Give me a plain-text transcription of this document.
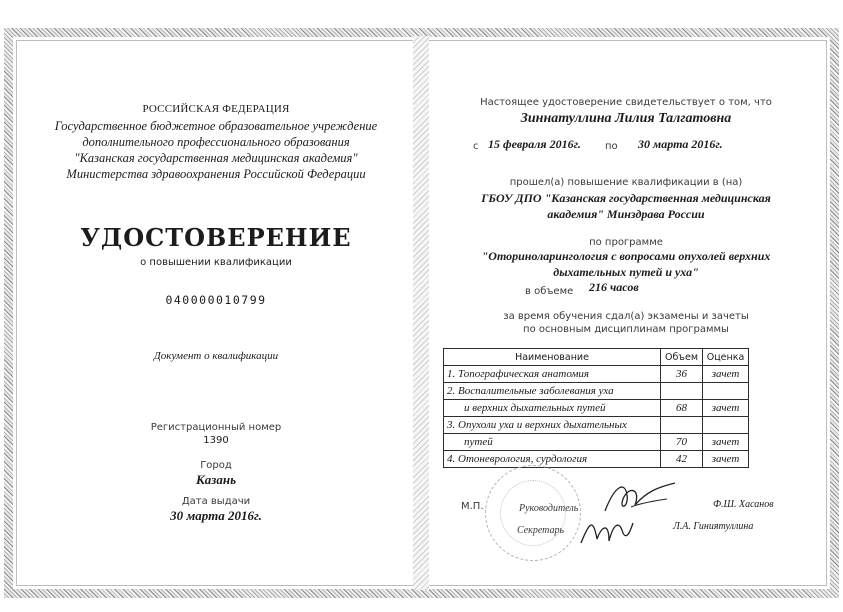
РОССИЙСКАЯ ФЕДЕРАЦИЯ
Государственное бюджетное образовательное учреждение
дополнительного профессионального образования
"Казанская государственная медицинская академия"
Министерства здравоохранения Российской Федерации
УДОСТОВЕРЕНИЕ
о повышении квалификации
040000010799
Документ о квалификации
Регистрационный номер
1390
Город
Казань
Дата выдачи
30 марта 2016г.
Настоящее удостоверение свидетельствует о том, что
Зиннатуллина Лилия Талгатовна
с 15 февраля 2016г. по 30 марта 2016г.
прошел(а) повышение квалификации в (на)
ГБОУ ДПО "Казанская государственная медицинская
академия" Минздрава России
по программе
"Оториноларингология с вопросами опухолей верхних
дыхательных путей и уха"
в объеме 216 часов
за время обучения сдал(а) экзамены и зачеты
по основным дисциплинам программы
Наименование	Объем	Оценка
1. Топографическая анатомия	36	зачет
2. Воспалительные заболевания уха		
и верхних дыхательных путей	68	зачет
3. Опухоли уха и верхних дыхательных		
путей	70	зачет
4. Отоневрология, сурдология	42	зачет
М.П.	Руководитель	Ф.Ш. Хасанов
Секретарь	Л.А. Гиниятуллина
